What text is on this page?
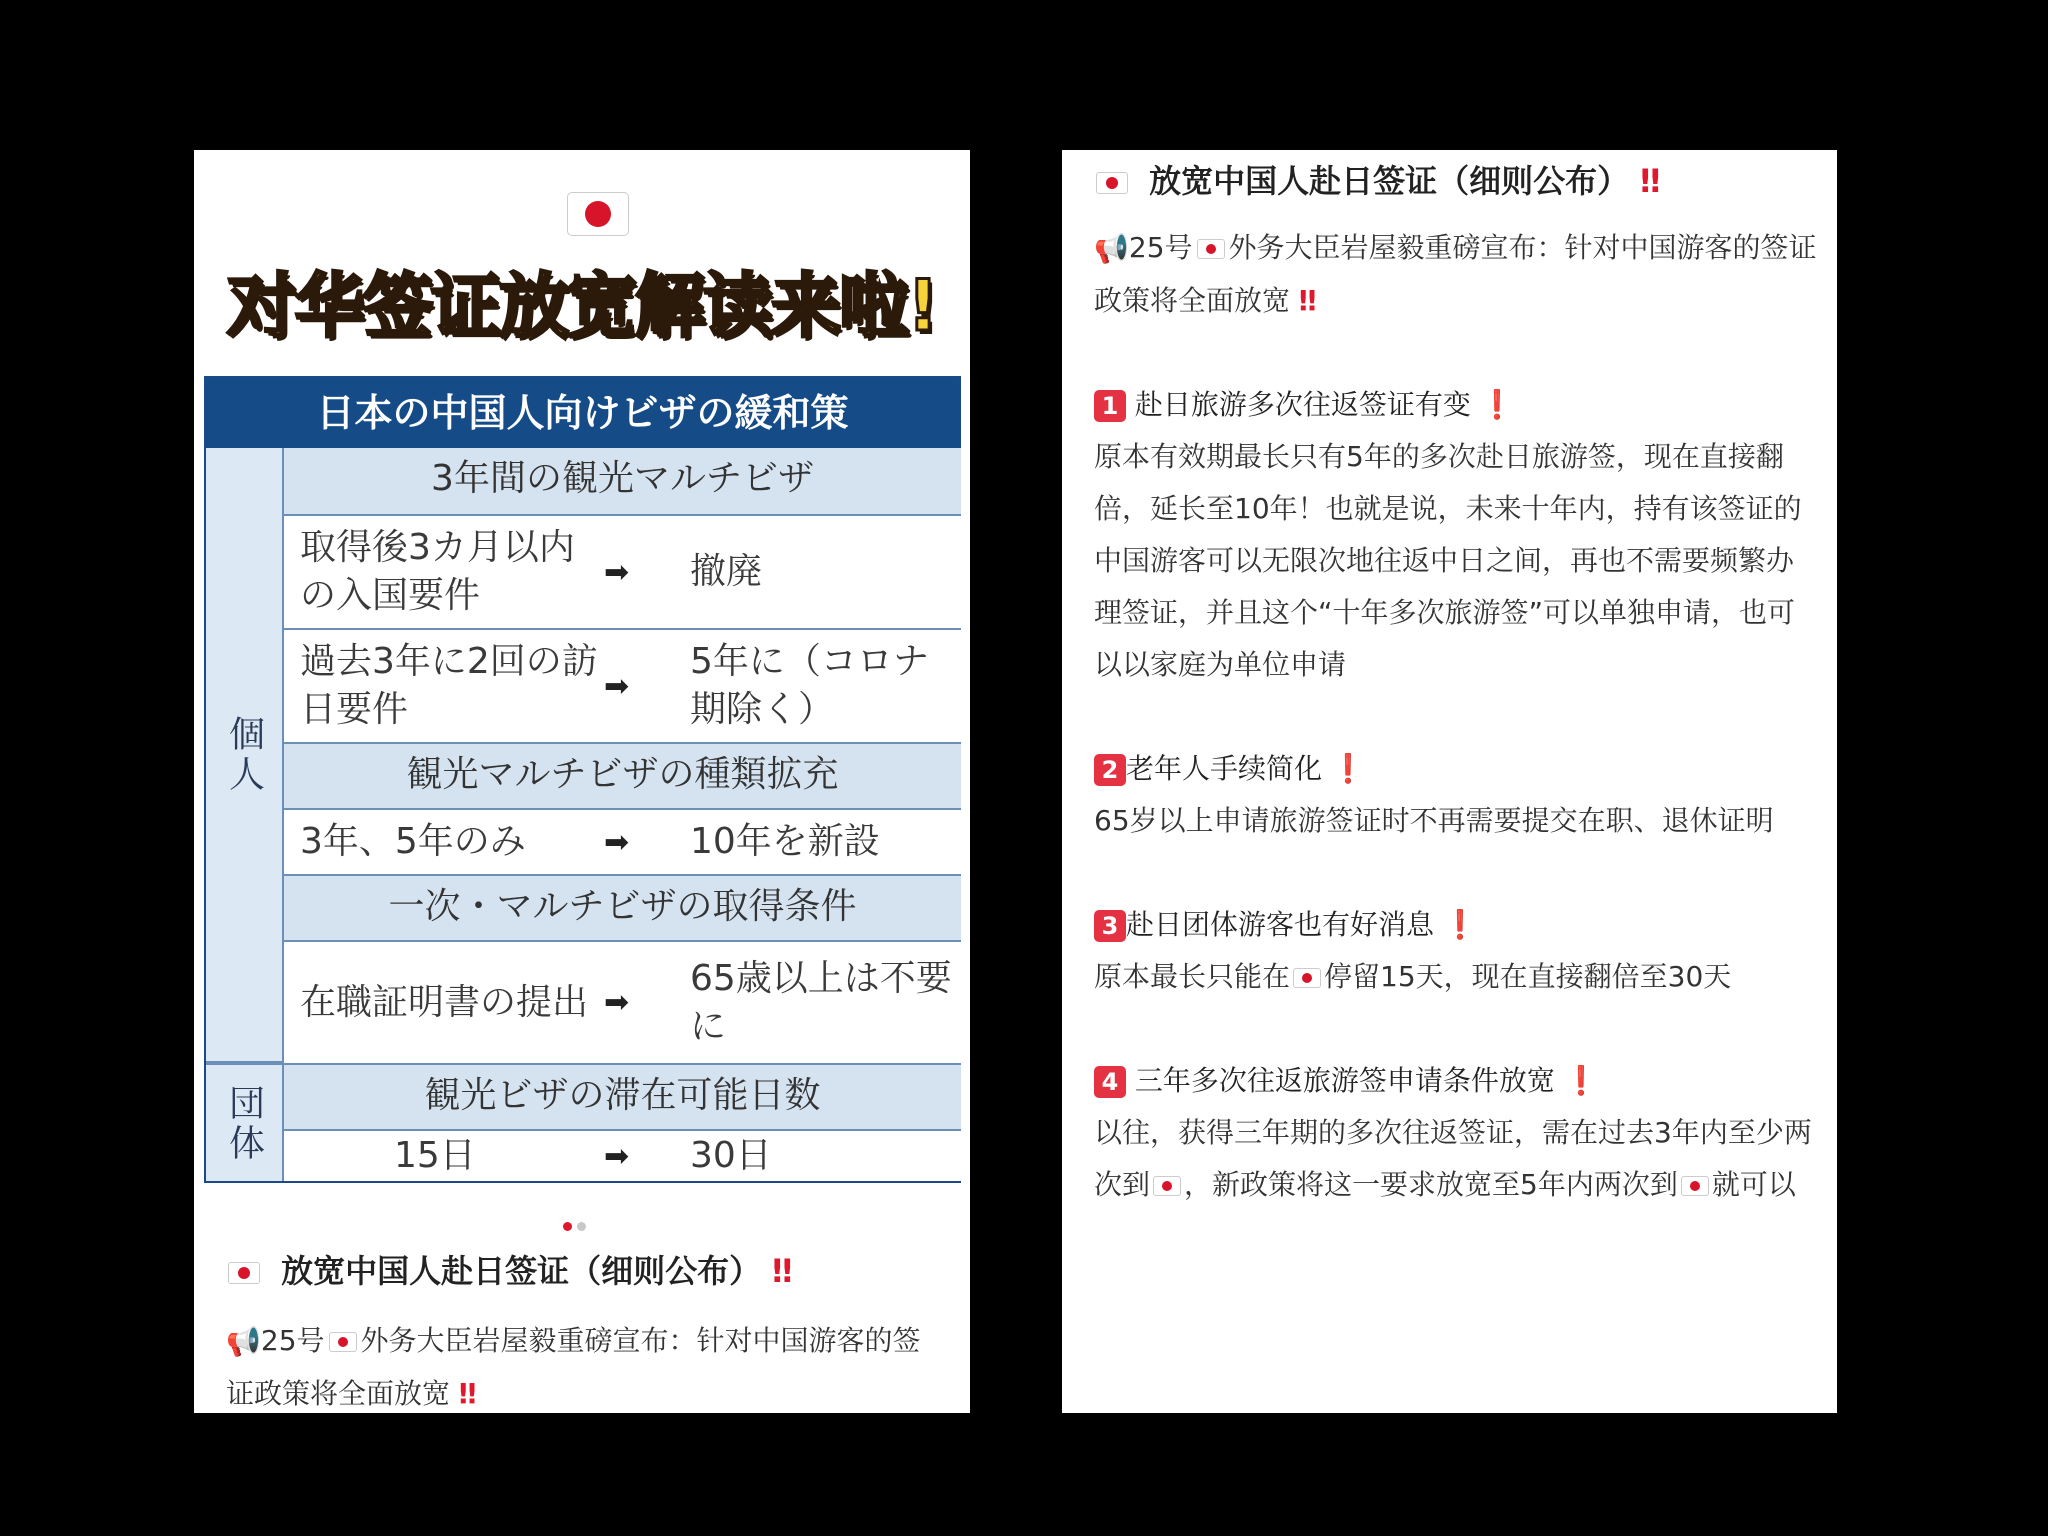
对华签证放宽解读来啦!
日本の中国人向けビザの緩和策
個人
団体
3年間の観光マルチビザ
取得後3カ月以内の入国要件
➡ 撤廃
過去3年に2回の訪日要件
➡
5年に（コロナ期除く）
観光マルチビザの種類拡充
3年、5年のみ	➡ 10年を新設
一次・マルチビザの取得条件
在職証明書の提出 ➡
65歳以上は不要に
観光ビザの滞在可能日数
15日	➡ 30日
放宽中国人赴日签证（细则公布） ‼
📢25号 外务大臣岩屋毅重磅宣布：针对中国游客的签证政策将全面放宽 ‼
放宽中国人赴日签证（细则公布） ‼
📢25号 外务大臣岩屋毅重磅宣布：针对中国游客的签证政策将全面放宽 ‼
1 赴日旅游多次往返签证有变 ❗
原本有效期最长只有5年的多次赴日旅游签，现在直接翻倍，延长至10年！也就是说，未来十年内，持有该签证的中国游客可以无限次地往返中日之间，再也不需要频繁办理签证，并且这个“十年多次旅游签”可以单独申请，也可以以家庭为单位申请
2 老年人手续简化 ❗
65岁以上申请旅游签证时不再需要提交在职、退休证明
3 赴日团体游客也有好消息 ❗
原本最长只能在 停留15天，现在直接翻倍至30天
4 三年多次往返旅游签申请条件放宽 ❗
以往，获得三年期的多次往返签证，需在过去3年内至少两次到 ，新政策将这一要求放宽至5年内两次到 就可以
